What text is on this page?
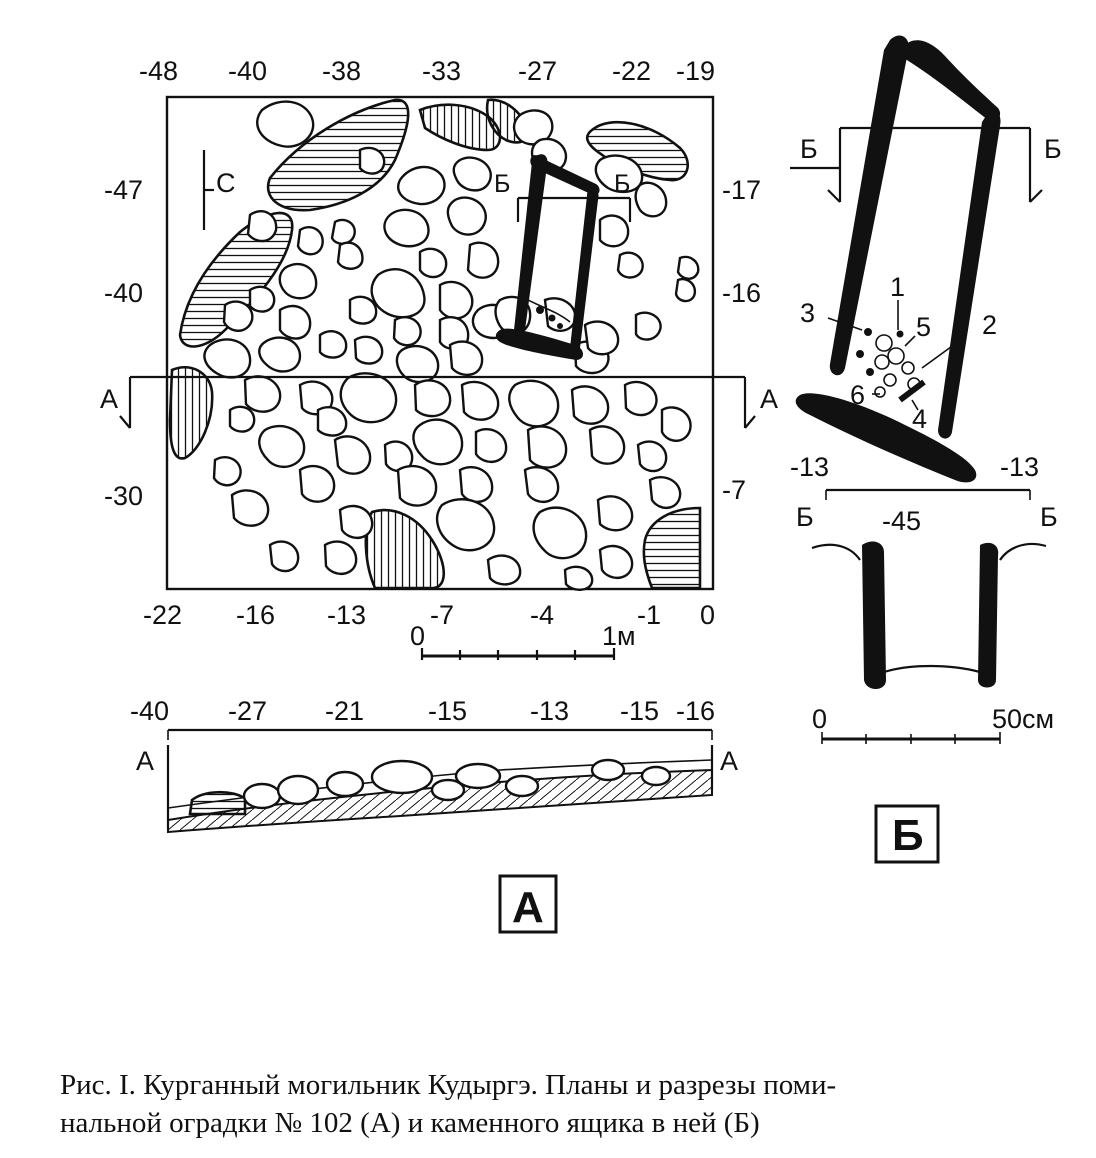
-48 -40 -38 -33 -27 -22 -19
-47
-40
-30
-17
-16
-7
-22 -16 -13 -7	-4	-1 0
С	Б	Б
А	А
0	1м
-40 -27 -21 -15 -13 -15 -16
А	А
А
Б	Б
1
2
3
4
5
6
-13	-13
Б	-45	Б
0	50см
Б
Рис. I. Курганный могильник Кудыргэ. Планы и разрезы поми-
нальной оградки № 102 (А) и каменного ящика в ней (Б)
